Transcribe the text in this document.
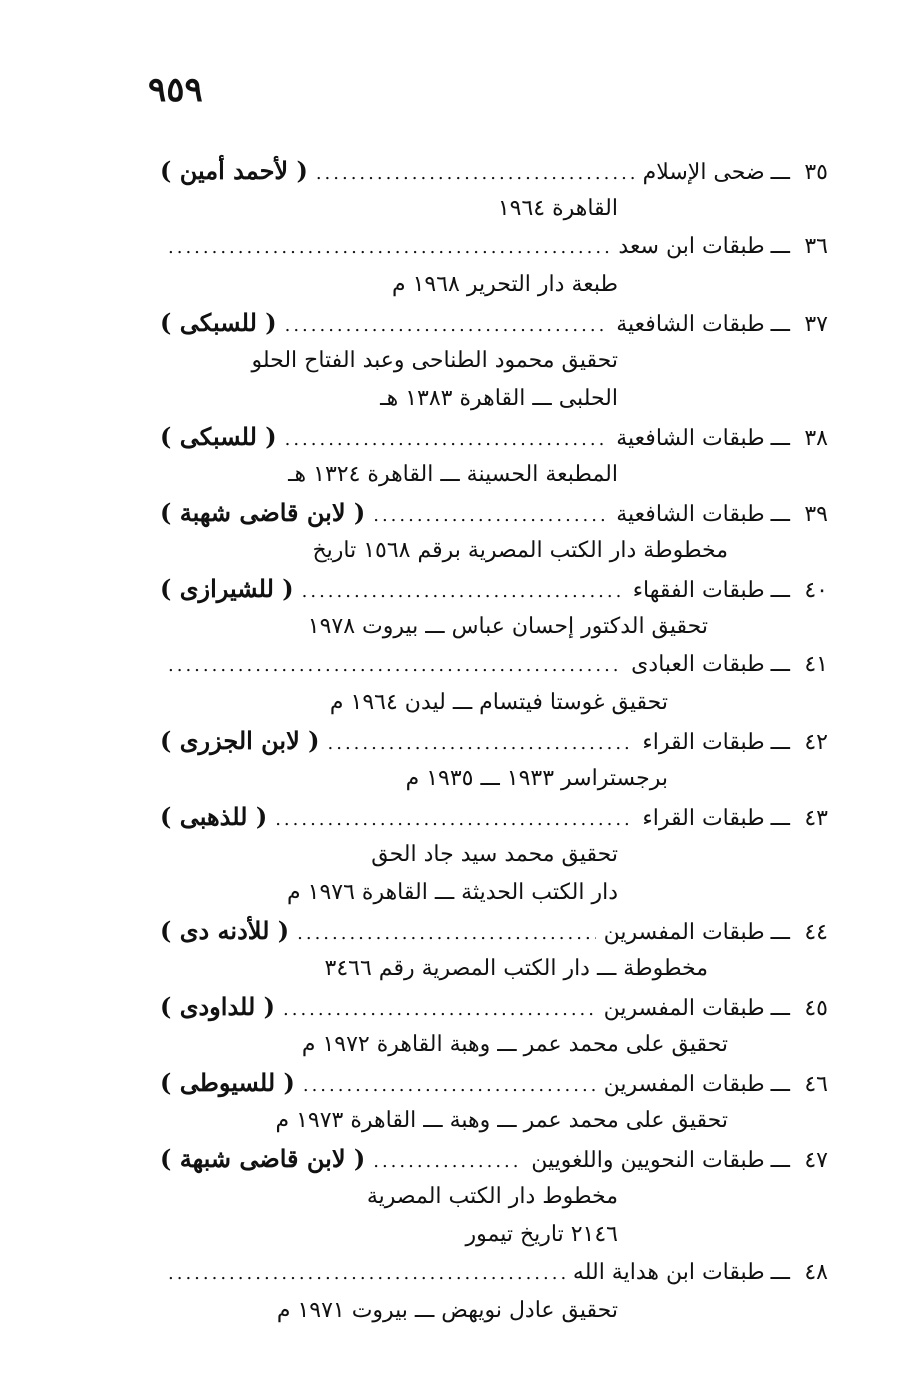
٩٥٩
٣٥
ـــ
ضحى الإسلام
.....
( لأحمد أمين )
القاهرة ١٩٦٤
٣٦
ـــ
طبقات ابن سعد
.....
طبعة دار التحرير ١٩٦٨ م
٣٧
ـــ
طبقات الشافعية
.....
( للسبكى )
تحقيق محمود الطناحى وعبد الفتاح الحلو
الحلبى ـــ القاهرة ١٣٨٣ هـ
٣٨
ـــ
طبقات الشافعية
.....
( للسبكى )
المطبعة الحسينة ـــ القاهرة ١٣٢٤ هـ
٣٩
ـــ
طبقات الشافعية
.....
( لابن قاضى شهبة )
مخطوطة دار الكتب المصرية برقم ١٥٦٨ تاريخ
٤٠
ـــ
طبقات الفقهاء
.....
( للشيرازى )
تحقيق الدكتور إحسان عباس ـــ بيروت ١٩٧٨
٤١
ـــ
طبقات العبادى
.....
تحقيق غوستا فيتسام ـــ ليدن ١٩٦٤ م
٤٢
ـــ
طبقات القراء
.....
( لابن الجزرى )
برجستراسر ١٩٣٣ ـــ ١٩٣٥ م
٤٣
ـــ
طبقات القراء
.....
( للذهبى )
تحقيق محمد سيد جاد الحق
دار الكتب الحديثة ـــ القاهرة ١٩٧٦ م
٤٤
ـــ
طبقات المفسرين
.....
( للأدنه دى )
مخطوطة ـــ دار الكتب المصرية رقم ٣٤٦٦
٤٥
ـــ
طبقات المفسرين
.....
( للداودى )
تحقيق على محمد عمر ـــ وهبة القاهرة ١٩٧٢ م
٤٦
ـــ
طبقات المفسرين
.....
( للسيوطى )
تحقيق على محمد عمر ـــ وهبة ـــ القاهرة ١٩٧٣ م
٤٧
ـــ
طبقات النحويين واللغويين
.....
( لابن قاضى شبهة )
مخطوط دار الكتب المصرية
٢١٤٦ تاريخ تيمور
٤٨
ـــ
طبقات ابن هداية الله
.....
تحقيق عادل نويهض ـــ بيروت ١٩٧١ م
